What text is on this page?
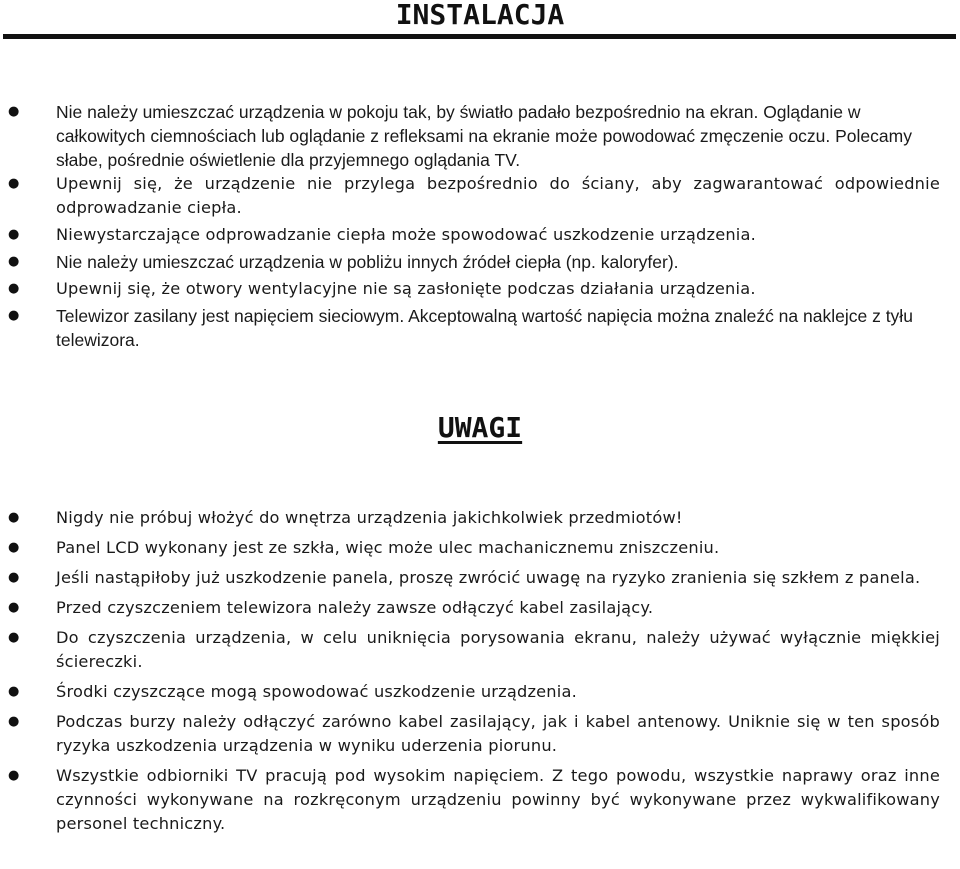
INSTALACJA
● Nie należy umieszczać urządzenia w pokoju tak, by światło padało bezpośrednio na ekran. Oglądanie w całkowitych ciemnościach lub oglądanie z refleksami na ekranie może powodować zmęczenie oczu. Polecamy słabe, pośrednie oświetlenie dla przyjemnego oglądania TV.
● Upewnij się, że urządzenie nie przylega bezpośrednio do ściany, aby zagwarantować odpowiednie odprowadzanie ciepła.
● Niewystarczające odprowadzanie ciepła może spowodować uszkodzenie urządzenia.
● Nie należy umieszczać urządzenia w pobliżu innych źródeł ciepła (np. kaloryfer).
● Upewnij się, że otwory wentylacyjne nie są zasłonięte podczas działania urządzenia.
● Telewizor zasilany jest napięciem sieciowym. Akceptowalną wartość napięcia można znaleźć na naklejce z tyłu telewizora.
UWAGI
● Nigdy nie próbuj włożyć do wnętrza urządzenia jakichkolwiek przedmiotów!
● Panel LCD wykonany jest ze szkła, więc może ulec machanicznemu zniszczeniu.
● Jeśli nastąpiłoby już uszkodzenie panela, proszę zwrócić uwagę na ryzyko zranienia się szkłem z panela.
● Przed czyszczeniem telewizora należy zawsze odłączyć kabel zasilający.
● Do czyszczenia urządzenia, w celu uniknięcia porysowania ekranu, należy używać wyłącznie miękkiej ściereczki.
● Środki czyszczące mogą spowodować uszkodzenie urządzenia.
● Podczas burzy należy odłączyć zarówno kabel zasilający, jak i kabel antenowy. Uniknie się w ten sposób ryzyka uszkodzenia urządzenia w wyniku uderzenia piorunu.
● Wszystkie odbiorniki TV pracują pod wysokim napięciem. Z tego powodu, wszystkie naprawy oraz inne czynności wykonywane na rozkręconym urządzeniu powinny być wykonywane przez wykwalifikowany personel techniczny.
